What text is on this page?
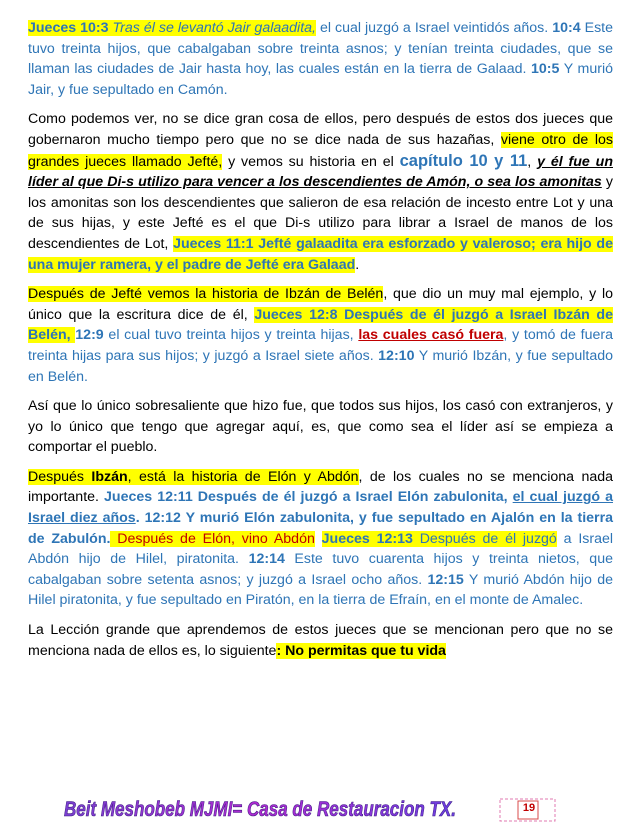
Jueces 10:3 Tras él se levantó Jair galaadita, el cual juzgó a Israel veintidós años. 10:4 Este tuvo treinta hijos, que cabalgaban sobre treinta asnos; y tenían treinta ciudades, que se llaman las ciudades de Jair hasta hoy, las cuales están en la tierra de Galaad. 10:5 Y murió Jair, y fue sepultado en Camón.

Como podemos ver, no se dice gran cosa de ellos, pero después de estos dos jueces que gobernaron mucho tiempo pero que no se dice nada de sus hazañas, viene otro de los grandes jueces llamado Jefté, y vemos su historia en el capítulo 10 y 11, y él fue un líder al que Di-s utilizo para vencer a los descendientes de Amón, o sea los amonitas y los amonitas son los descendientes que salieron de esa relación de incesto entre Lot y una de sus hijas, y este Jefté es el que Di-s utilizo para librar a Israel de manos de los descendientes de Lot, Jueces 11:1 Jefté galaadita era esforzado y valeroso; era hijo de una mujer ramera, y el padre de Jefté era Galaad.

Después de Jefté vemos la historia de Ibzán de Belén, que dio un muy mal ejemplo, y lo único que la escritura dice de él, Jueces 12:8 Después de él juzgó a Israel Ibzán de Belén, 12:9 el cual tuvo treinta hijos y treinta hijas, las cuales casó fuera, y tomó de fuera treinta hijas para sus hijos; y juzgó a Israel siete años. 12:10 Y murió Ibzán, y fue sepultado en Belén.

Así que lo único sobresaliente que hizo fue, que todos sus hijos, los casó con extranjeros, y yo lo único que tengo que agregar aquí, es, que como sea el líder así se empieza a comportar el pueblo.

Después Ibzán, está la historia de Elón y Abdón, de los cuales no se menciona nada importante. Jueces 12:11 Después de él juzgó a Israel Elón zabulonita, el cual juzgó a Israel diez años. 12:12 Y murió Elón zabulonita, y fue sepultado en Ajalón en la tierra de Zabulón. Después de Elón, vino Abdón Jueces 12:13 Después de él juzgó a Israel Abdón hijo de Hilel, piratonita. 12:14 Este tuvo cuarenta hijos y treinta nietos, que cabalgaban sobre setenta asnos; y juzgó a Israel ocho años. 12:15 Y murió Abdón hijo de Hilel piratonita, y fue sepultado en Piratón, en la tierra de Efraín, en el monte de Amalec.

La Lección grande que aprendemos de estos jueces que se mencionan pero que no se menciona nada de ellos es, lo siguiente: No permitas que tu vida

Beit Meshobeb MJMI= Casa de Restauracion TX.	19
